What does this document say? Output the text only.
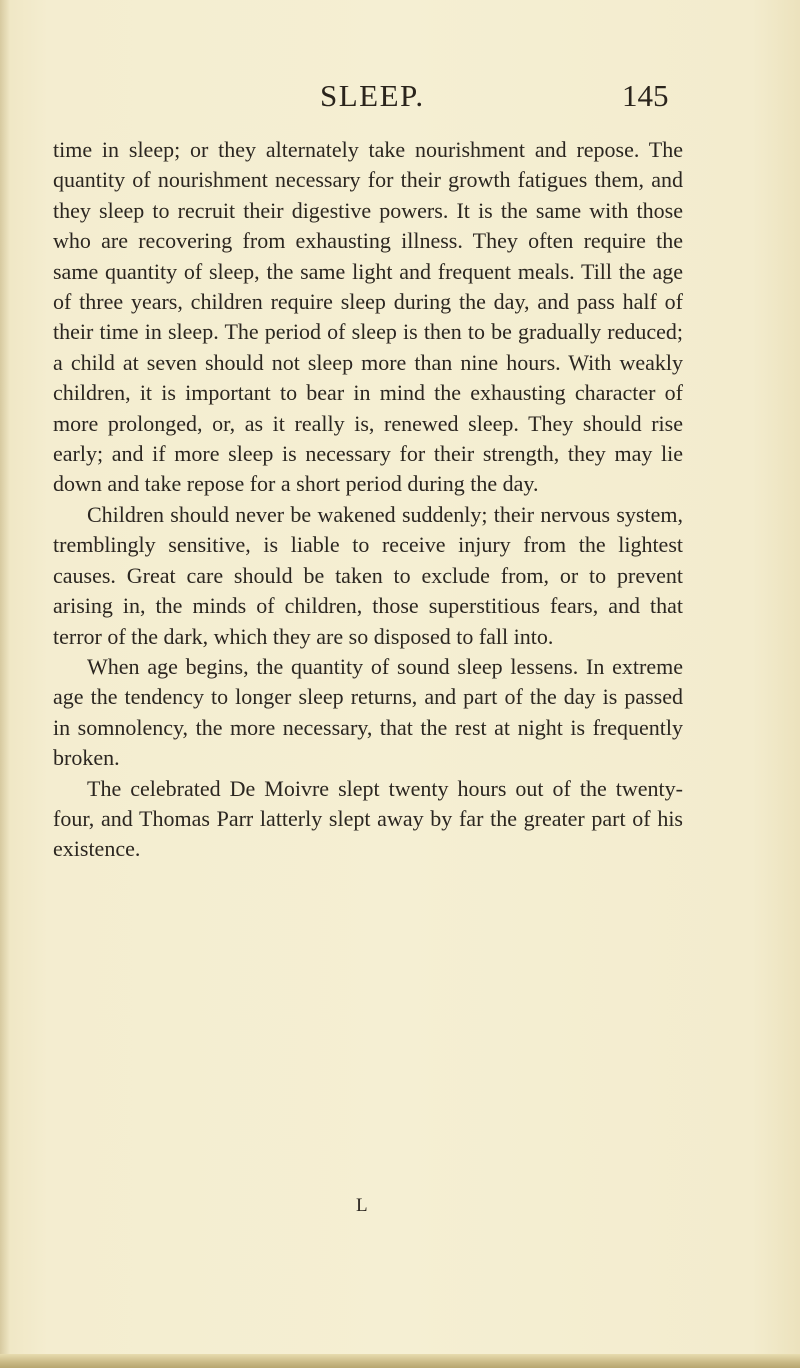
SLEEP.	145

time in sleep; or they alternately take nourishment and repose. The quantity of nourishment necessary for their growth fatigues them, and they sleep to recruit their digestive powers. It is the same with those who are recovering from exhausting illness. They often require the same quantity of sleep, the same light and frequent meals. Till the age of three years, children require sleep during the day, and pass half of their time in sleep. The period of sleep is then to be gradually reduced; a child at seven should not sleep more than nine hours. With weakly children, it is important to bear in mind the exhausting character of more prolonged, or, as it really is, renewed sleep. They should rise early; and if more sleep is necessary for their strength, they may lie down and take repose for a short period during the day.

Children should never be wakened suddenly; their nervous system, tremblingly sensitive, is liable to receive injury from the lightest causes. Great care should be taken to exclude from, or to prevent arising in, the minds of children, those superstitious fears, and that terror of the dark, which they are so disposed to fall into.

When age begins, the quantity of sound sleep lessens. In extreme age the tendency to longer sleep returns, and part of the day is passed in somnolency, the more necessary, that the rest at night is frequently broken.

The celebrated De Moivre slept twenty hours out of the twenty-four, and Thomas Parr latterly slept away by far the greater part of his existence.

L
